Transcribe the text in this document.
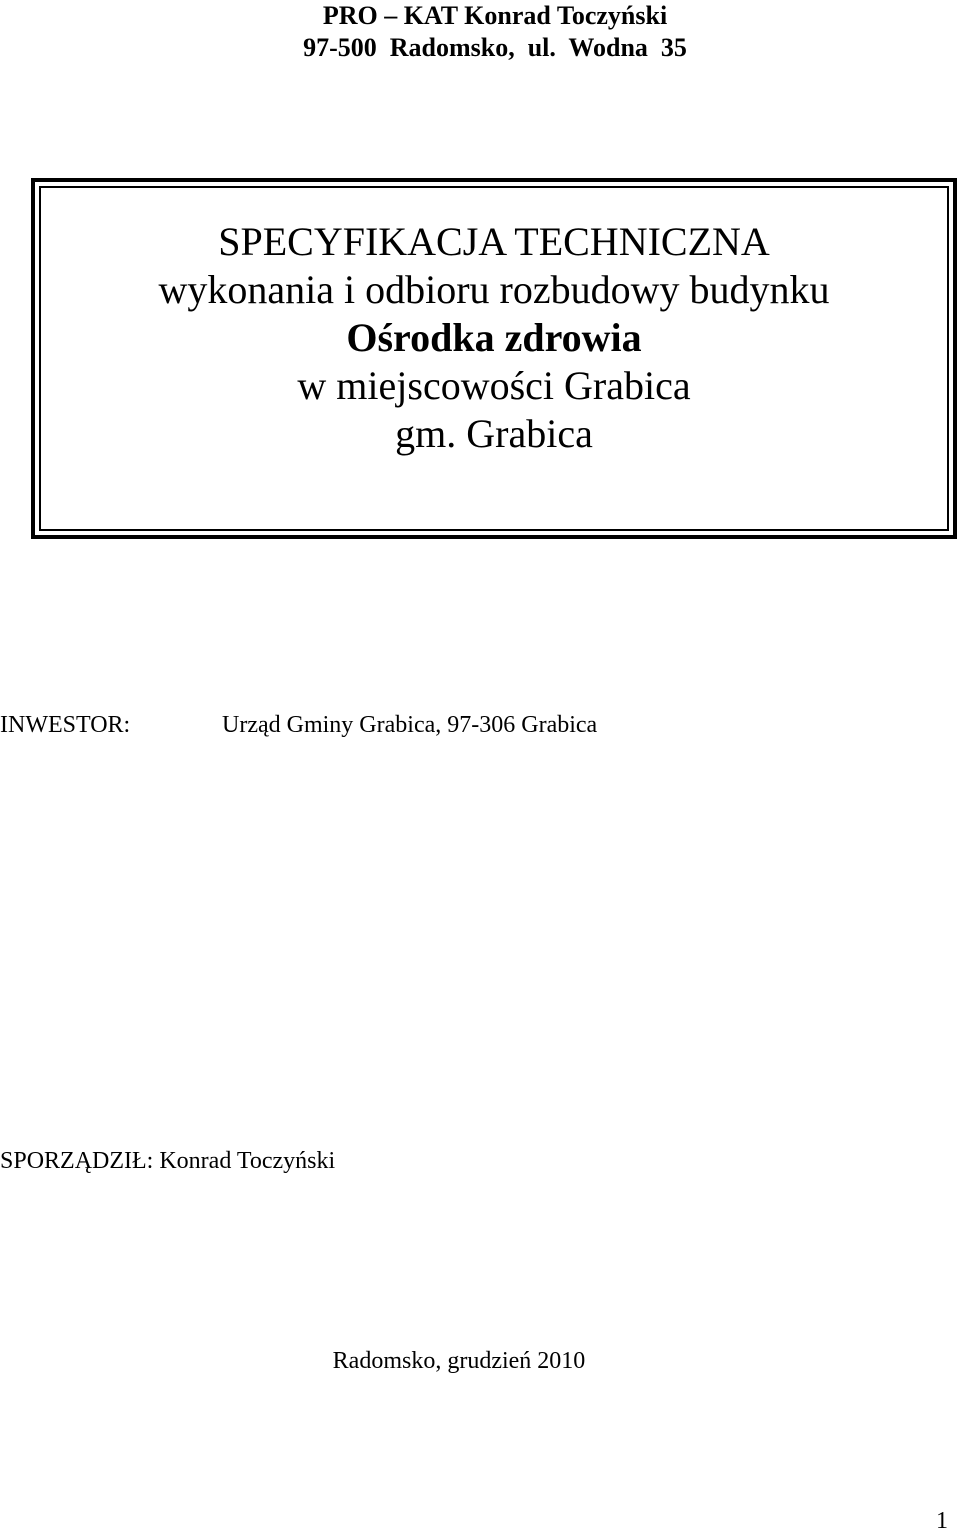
PRO – KAT Konrad Toczyński
97-500  Radomsko,  ul.  Wodna  35
SPECYFIKACJA TECHNICZNA
wykonania i odbioru rozbudowy budynku
Ośrodka zdrowia
w miejscowości Grabica
gm. Grabica
INWESTOR:	Urząd Gminy Grabica, 97-306 Grabica
SPORZĄDZIŁ: Konrad Toczyński
Radomsko, grudzień 2010
1
